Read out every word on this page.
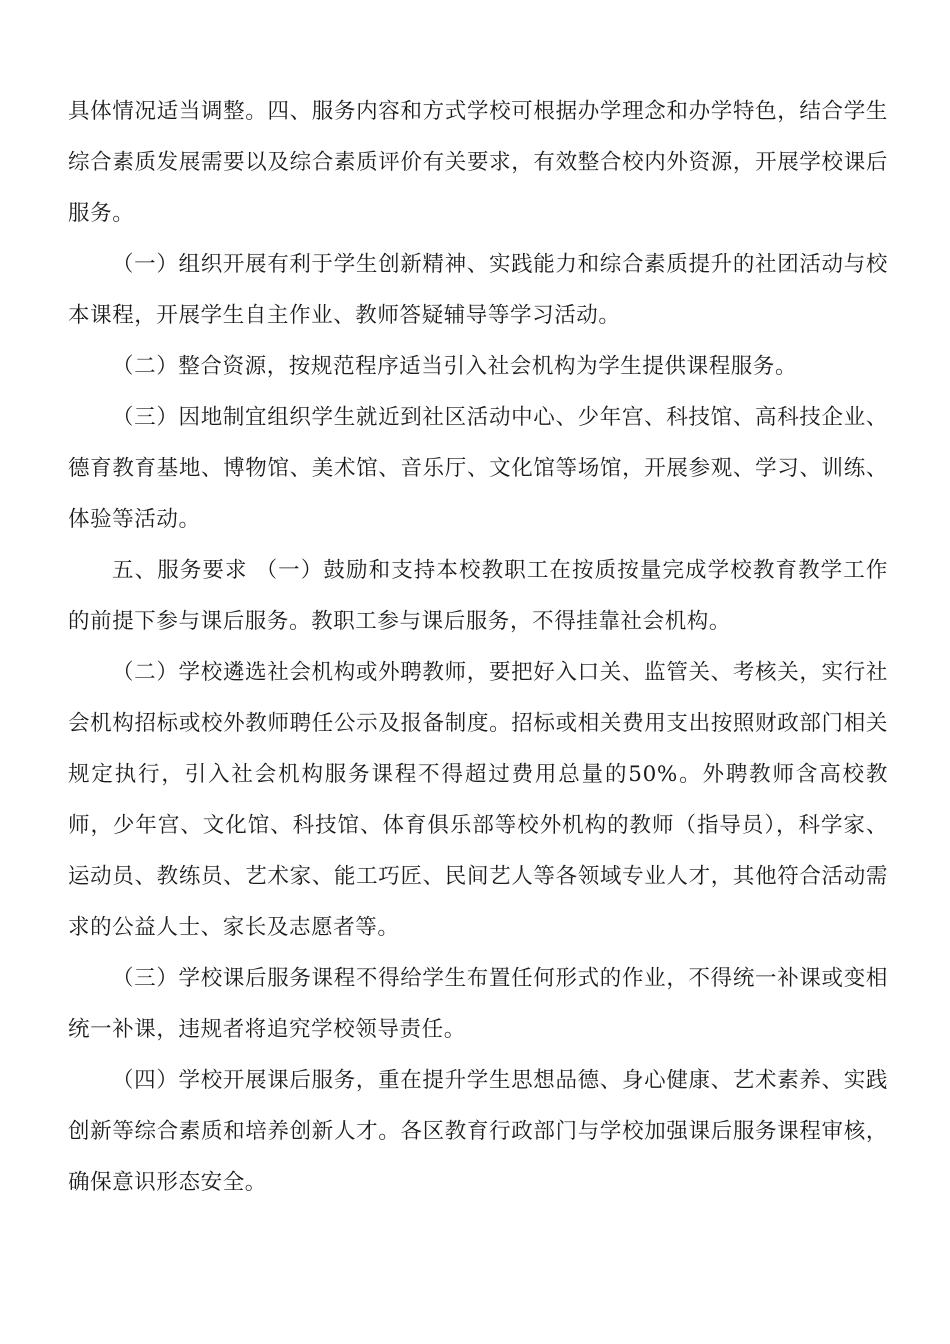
具体情况适当调整。四、服务内容和方式学校可根据办学理念和办学特色，结合学生综合素质发展需要以及综合素质评价有关要求，有效整合校内外资源，开展学校课后服务。

（一）组织开展有利于学生创新精神、实践能力和综合素质提升的社团活动与校本课程，开展学生自主作业、教师答疑辅导等学习活动。

（二）整合资源，按规范程序适当引入社会机构为学生提供课程服务。

（三）因地制宜组织学生就近到社区活动中心、少年宫、科技馆、高科技企业、德育教育基地、博物馆、美术馆、音乐厅、文化馆等场馆，开展参观、学习、训练、体验等活动。

五、服务要求 （一）鼓励和支持本校教职工在按质按量完成学校教育教学工作的前提下参与课后服务。教职工参与课后服务，不得挂靠社会机构。

（二）学校遴选社会机构或外聘教师，要把好入口关、监管关、考核关，实行社会机构招标或校外教师聘任公示及报备制度。招标或相关费用支出按照财政部门相关规定执行，引入社会机构服务课程不得超过费用总量的50%。外聘教师含高校教师，少年宫、文化馆、科技馆、体育俱乐部等校外机构的教师（指导员），科学家、运动员、教练员、艺术家、能工巧匠、民间艺人等各领域专业人才，其他符合活动需求的公益人士、家长及志愿者等。

（三）学校课后服务课程不得给学生布置任何形式的作业，不得统一补课或变相统一补课，违规者将追究学校领导责任。

（四）学校开展课后服务，重在提升学生思想品德、身心健康、艺术素养、实践创新等综合素质和培养创新人才。各区教育行政部门与学校加强课后服务课程审核，确保意识形态安全。
